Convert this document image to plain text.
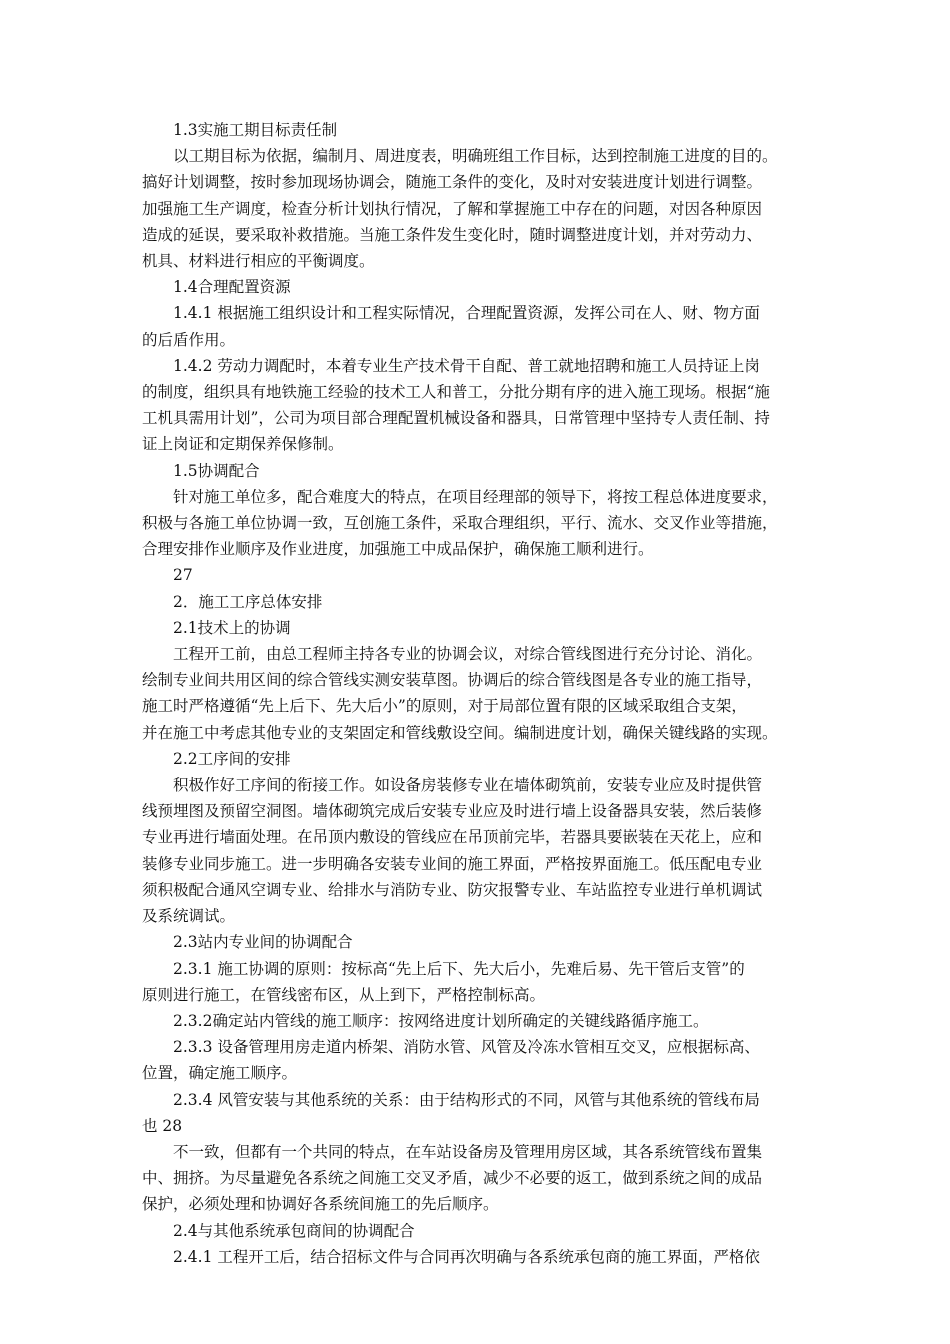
1.3实施工期目标责任制

以工期目标为依据，编制月、周进度表，明确班组工作目标，达到控制施工进度的目的。

搞好计划调整，按时参加现场协调会，随施工条件的变化，及时对安装进度计划进行调整。

加强施工生产调度，检查分析计划执行情况，了解和掌握施工中存在的问题，对因各种原因

造成的延误，要采取补救措施。当施工条件发生变化时，随时调整进度计划，并对劳动力、

机具、材料进行相应的平衡调度。

1.4合理配置资源

1.4.1 根据施工组织设计和工程实际情况，合理配置资源，发挥公司在人、财、物方面

的后盾作用。

1.4.2 劳动力调配时，本着专业生产技术骨干自配、普工就地招聘和施工人员持证上岗

的制度，组织具有地铁施工经验的技术工人和普工，分批分期有序的进入施工现场。根据“施

工机具需用计划”，公司为项目部合理配置机械设备和器具，日常管理中坚持专人责任制、持

证上岗证和定期保养保修制。

1.5协调配合

针对施工单位多，配合难度大的特点，在项目经理部的领导下，将按工程总体进度要求，

积极与各施工单位协调一致，互创施工条件，采取合理组织，平行、流水、交叉作业等措施，

合理安排作业顺序及作业进度，加强施工中成品保护，确保施工顺利进行。

27

2．施工工序总体安排

2.1技术上的协调

工程开工前，由总工程师主持各专业的协调会议，对综合管线图进行充分讨论、消化。

绘制专业间共用区间的综合管线实测安装草图。协调后的综合管线图是各专业的施工指导，

施工时严格遵循“先上后下、先大后小”的原则，对于局部位置有限的区域采取组合支架，

并在施工中考虑其他专业的支架固定和管线敷设空间。编制进度计划，确保关键线路的实现。

2.2工序间的安排

积极作好工序间的衔接工作。如设备房装修专业在墙体砌筑前，安装专业应及时提供管

线预埋图及预留空洞图。墙体砌筑完成后安装专业应及时进行墙上设备器具安装，然后装修

专业再进行墙面处理。在吊顶内敷设的管线应在吊顶前完毕，若器具要嵌装在天花上，应和

装修专业同步施工。进一步明确各安装专业间的施工界面，严格按界面施工。低压配电专业

须积极配合通风空调专业、给排水与消防专业、防灾报警专业、车站监控专业进行单机调试

及系统调试。

2.3站内专业间的协调配合

2.3.1 施工协调的原则：按标高“先上后下、先大后小，先难后易、先干管后支管”的

原则进行施工，在管线密布区，从上到下，严格控制标高。

2.3.2确定站内管线的施工顺序：按网络进度计划所确定的关键线路循序施工。

2.3.3 设备管理用房走道内桥架、消防水管、风管及冷冻水管相互交叉，应根据标高、

位置，确定施工顺序。

2.3.4 风管安装与其他系统的关系：由于结构形式的不同，风管与其他系统的管线布局

也 28

不一致，但都有一个共同的特点，在车站设备房及管理用房区域，其各系统管线布置集

中、拥挤。为尽量避免各系统之间施工交叉矛盾，减少不必要的返工，做到系统之间的成品

保护，必须处理和协调好各系统间施工的先后顺序。

2.4与其他系统承包商间的协调配合

2.4.1 工程开工后，结合招标文件与合同再次明确与各系统承包商的施工界面，严格依
